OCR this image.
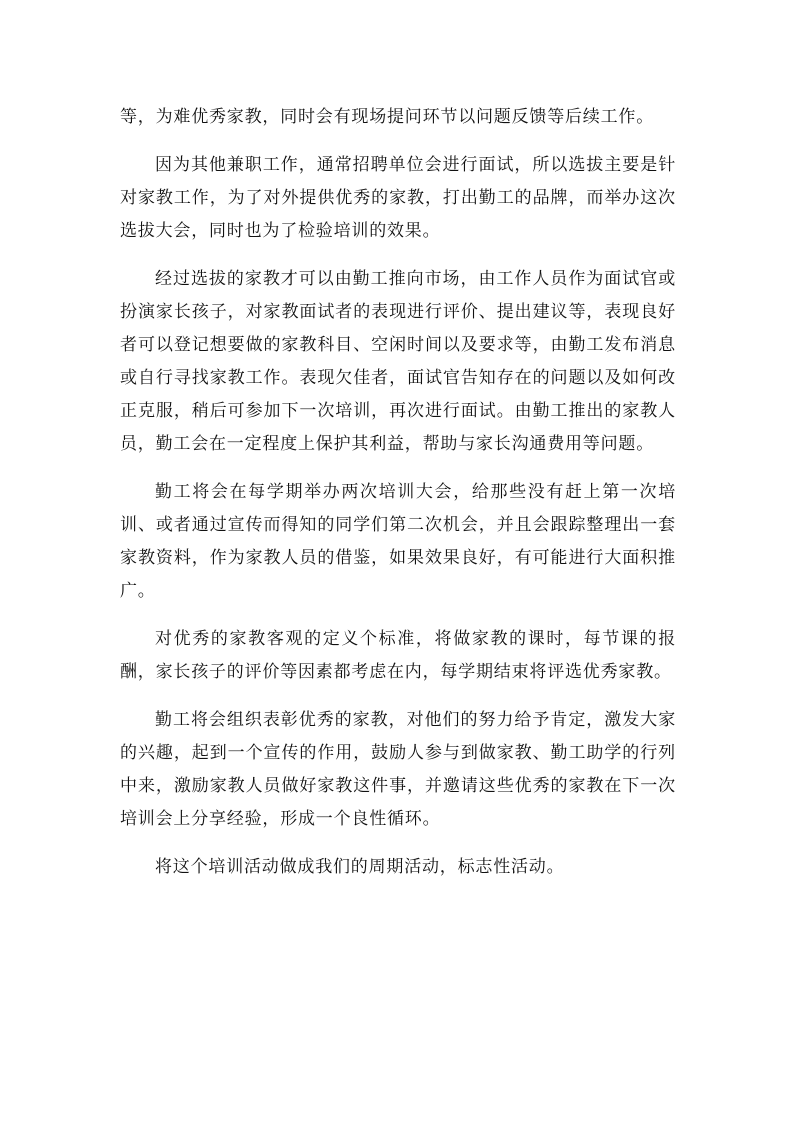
等，为难优秀家教，同时会有现场提问环节以问题反馈等后续工作。

因为其他兼职工作，通常招聘单位会进行面试，所以选拔主要是针对家教工作，为了对外提供优秀的家教，打出勤工的品牌，而举办这次选拔大会，同时也为了检验培训的效果。

经过选拔的家教才可以由勤工推向市场，由工作人员作为面试官或扮演家长孩子，对家教面试者的表现进行评价、提出建议等，表现良好者可以登记想要做的家教科目、空闲时间以及要求等，由勤工发布消息或自行寻找家教工作。表现欠佳者，面试官告知存在的问题以及如何改正克服，稍后可参加下一次培训，再次进行面试。由勤工推出的家教人员，勤工会在一定程度上保护其利益，帮助与家长沟通费用等问题。

勤工将会在每学期举办两次培训大会，给那些没有赶上第一次培训、或者通过宣传而得知的同学们第二次机会，并且会跟踪整理出一套家教资料，作为家教人员的借鉴，如果效果良好，有可能进行大面积推广。

对优秀的家教客观的定义个标准，将做家教的课时，每节课的报酬，家长孩子的评价等因素都考虑在内，每学期结束将评选优秀家教。

勤工将会组织表彰优秀的家教，对他们的努力给予肯定，激发大家的兴趣，起到一个宣传的作用，鼓励人参与到做家教、勤工助学的行列中来，激励家教人员做好家教这件事，并邀请这些优秀的家教在下一次培训会上分享经验，形成一个良性循环。

将这个培训活动做成我们的周期活动，标志性活动。
